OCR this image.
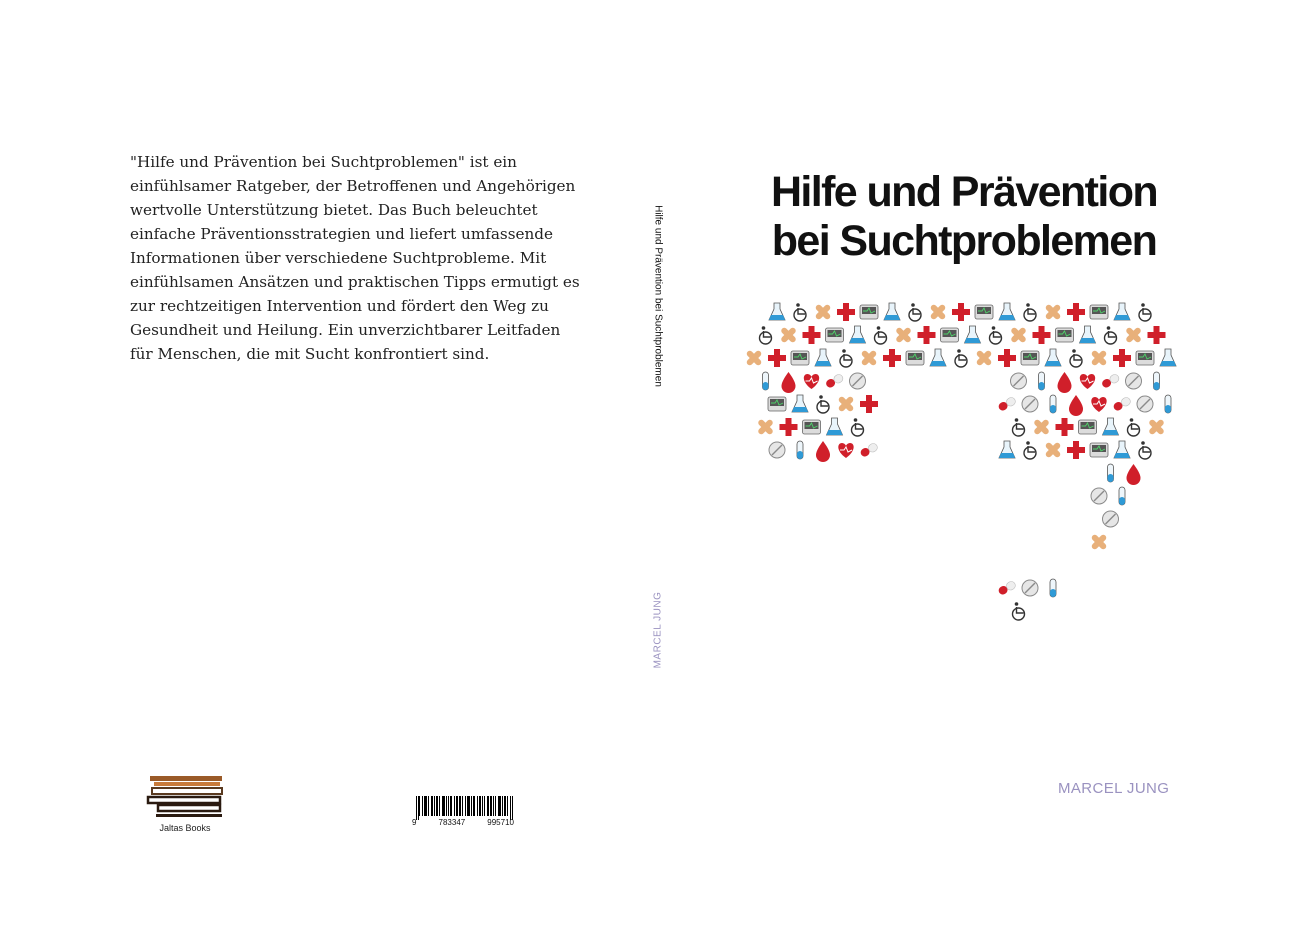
"Hilfe und Prävention bei Suchtproblemen" ist ein einfühlsamer Ratgeber, der Betroffenen und Angehörigen wertvolle Unterstützung bietet. Das Buch beleuchtet einfache Präventionsstrategien und liefert umfassende Informationen über verschiedene Suchtprobleme. Mit einfühlsamen Ansätzen und praktischen Tipps ermutigt es zur rechtzeitigen Intervention und fördert den Weg zu Gesundheit und Heilung. Ein unverzichtbarer Leitfaden für Menschen, die mit Sucht konfrontiert sind.

Jaltas Books
9	783347	995710
Hilfe und Prävention bei Suchtproblemen
MARCEL JUNG
Hilfe und Prävention
bei Suchtproblemen
MARCEL JUNG
